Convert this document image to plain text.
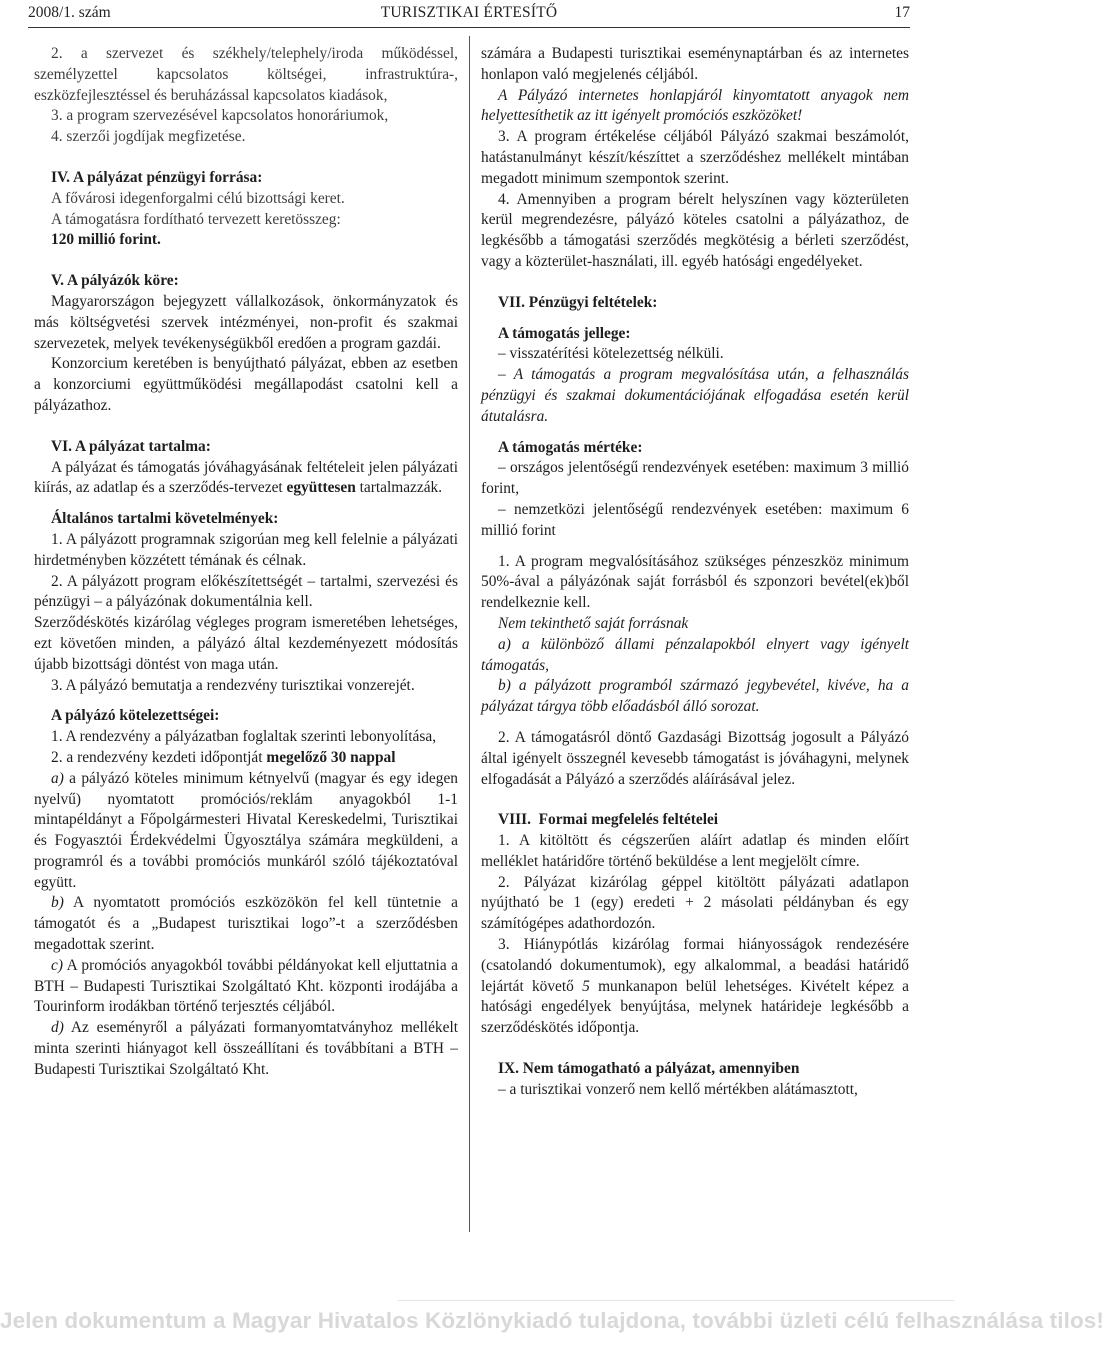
2008/1. szám	TURISZTIKAI ÉRTESÍTŐ	17

2. a szervezet és székhely/telephely/iroda működéssel, személyzettel kapcsolatos költségei, infrastruktúra-, eszközfejlesztéssel és beruházással kapcsolatos kiadások,

3. a program szervezésével kapcsolatos honoráriumok,

4. szerzői jogdíjak megfizetése.

IV. A pályázat pénzügyi forrása:

A fővárosi idegenforgalmi célú bizottsági keret.

A támogatásra fordítható tervezett keretösszeg:

120 millió forint.

V. A pályázók köre:

Magyarországon bejegyzett vállalkozások, önkormányzatok és más költségvetési szervek intézményei, non-profit és szakmai szervezetek, melyek tevékenységükből eredően a program gazdái.

Konzorcium keretében is benyújtható pályázat, ebben az esetben a konzorciumi együttműködési megállapodást csatolni kell a pályázathoz.

VI. A pályázat tartalma:

A pályázat és támogatás jóváhagyásának feltételeit jelen pályázati kiírás, az adatlap és a szerződés-tervezet együttesen tartalmazzák.

Általános tartalmi követelmények:

1. A pályázott programnak szigorúan meg kell felelnie a pályázati hirdetményben közzétett témának és célnak.

2. A pályázott program előkészítettségét – tartalmi, szervezési és pénzügyi – a pályázónak dokumentálnia kell.

Szerződéskötés kizárólag végleges program ismeretében lehetséges, ezt követően minden, a pályázó által kezdeményezett módosítás újabb bizottsági döntést von maga után.

3. A pályázó bemutatja a rendezvény turisztikai vonzerejét.

A pályázó kötelezettségei:

1. A rendezvény a pályázatban foglaltak szerinti lebonyolítása,

2. a rendezvény kezdeti időpontját megelőző 30 nappal

a) a pályázó köteles minimum kétnyelvű (magyar és egy idegen nyelvű) nyomtatott promóciós/reklám anyagokból 1-1 mintapéldányt a Főpolgármesteri Hivatal Kereskedelmi, Turisztikai és Fogyasztói Érdekvédelmi Ügyosztálya számára megküldeni, a programról és a további promóciós munkáról szóló tájékoztatóval együtt.

b) A nyomtatott promóciós eszközökön fel kell tüntetnie a támogatót és a „Budapest turisztikai logo”-t a szerződésben megadottak szerint.

c) A promóciós anyagokból további példányokat kell eljuttatnia a BTH – Budapesti Turisztikai Szolgáltató Kht. központi irodájába a Tourinform irodákban történő terjesztés céljából.

d) Az eseményről a pályázati formanyomtatványhoz mellékelt minta szerinti hiányagot kell összeállítani és továbbítani a BTH – Budapesti Turisztikai Szolgáltató Kht.

számára a Budapesti turisztikai eseménynaptárban és az internetes honlapon való megjelenés céljából.

A Pályázó internetes honlapjáról kinyomtatott anyagok nem helyettesíthetik az itt igényelt promóciós eszközöket!

3. A program értékelése céljából Pályázó szakmai beszámolót, hatástanulmányt készít/készíttet a szerződéshez mellékelt mintában megadott minimum szempontok szerint.

4. Amennyiben a program bérelt helyszínen vagy közterületen kerül megrendezésre, pályázó köteles csatolni a pályázathoz, de legkésőbb a támogatási szerződés megkötésig a bérleti szerződést, vagy a közterület-használati, ill. egyéb hatósági engedélyeket.

VII. Pénzügyi feltételek:
A támogatás jellege:

– visszatérítési kötelezettség nélküli.

– A támogatás a program megvalósítása után, a felhasználás pénzügyi és szakmai dokumentációjának elfogadása esetén kerül átutalásra.

A támogatás mértéke:

– országos jelentőségű rendezvények esetében: maximum 3 millió forint,

– nemzetközi jelentőségű rendezvények esetében: maximum 6 millió forint

1. A program megvalósításához szükséges pénzeszköz minimum 50%-ával a pályázónak saját forrásból és szponzori bevétel(ek)ből rendelkeznie kell.

Nem tekinthető saját forrásnak

a) a különböző állami pénzalapokból elnyert vagy igényelt támogatás,

b) a pályázott programból származó jegybevétel, kivéve, ha a pályázat tárgya több előadásból álló sorozat.

2. A támogatásról döntő Gazdasági Bizottság jogosult a Pályázó által igényelt összegnél kevesebb támogatást is jóváhagyni, melynek elfogadását a Pályázó a szerződés aláírásával jelez.

VIII.  Formai megfelelés feltételei

1. A kitöltött és cégszerűen aláírt adatlap és minden előírt melléklet határidőre történő beküldése a lent megjelölt címre.

2. Pályázat kizárólag géppel kitöltött pályázati adatlapon nyújtható be 1 (egy) eredeti + 2 másolati példányban és egy számítógépes adathordozón.

3. Hiánypótlás kizárólag formai hiányosságok rendezésére (csatolandó dokumentumok), egy alkalommal, a beadási határidő lejártát követő 5 munkanapon belül lehetséges. Kivételt képez a hatósági engedélyek benyújtása, melynek határideje legkésőbb a szerződéskötés időpontja.

IX. Nem támogatható a pályázat, amennyiben

– a turisztikai vonzerő nem kellő mértékben alátámasztott,

Jelen dokumentum a Magyar Hivatalos Közlönykiadó tulajdona, további üzleti célú felhasználása tilos!
